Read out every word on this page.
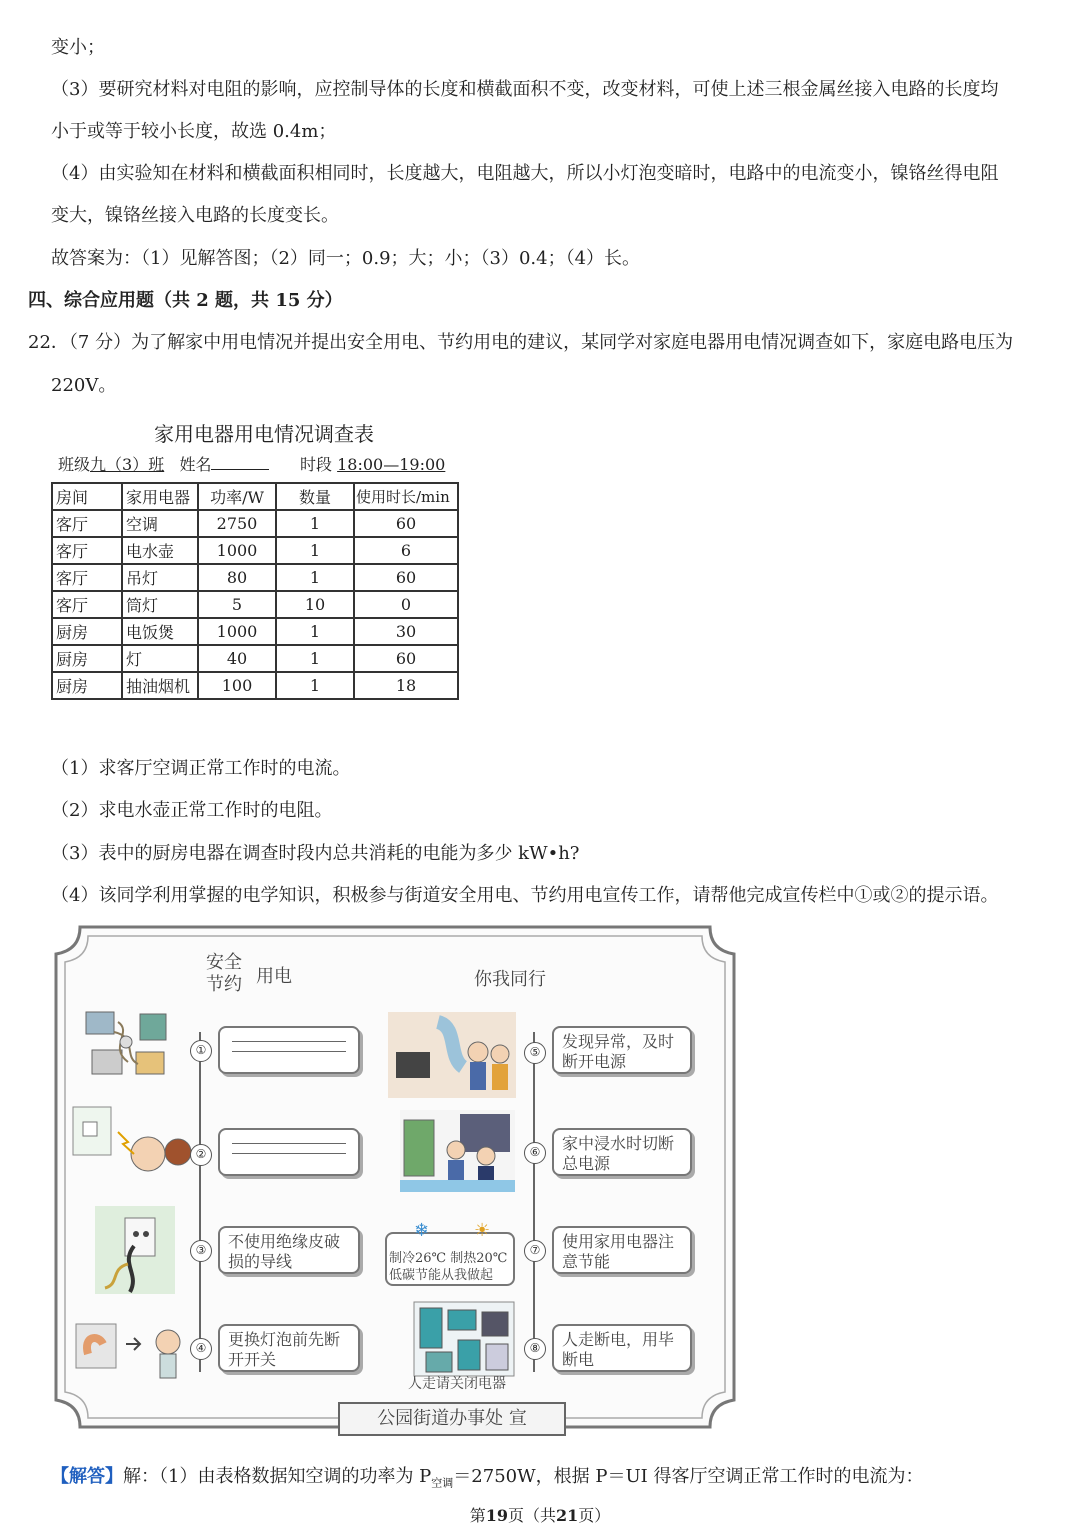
变小；
（3）要研究材料对电阻的影响，应控制导体的长度和横截面积不变，改变材料，可使上述三根金属丝接入电路的长度均
小于或等于较小长度，故选 0.4m；
（4）由实验知在材料和横截面积相同时，长度越大，电阻越大，所以小灯泡变暗时，电路中的电流变小，镍铬丝得电阻
变大，镍铬丝接入电路的长度变长。
故答案为：（1）见解答图；（2）同一；0.9；大；小；（3）0.4；（4）长。
四、综合应用题（共 2 题，共 15 分）
22．（7 分）为了解家中用电情况并提出安全用电、节约用电的建议，某同学对家庭电器用电情况调查如下，家庭电路电压为
220V。
家用电器用电情况调查表
班级九（3）班 姓名	时段 18:00—19:00
房间	家用电器	功率/W	数量	使用时长/min
客厅	空调	2750	1	60
客厅	电水壶	1000	1	6
客厅	吊灯	80	1	60
客厅	筒灯	5	10	0
厨房	电饭煲	1000	1	30
厨房	灯	40	1	60
厨房	抽油烟机	100	1	18
（1）求客厅空调正常工作时的电流。
（2）求电水壶正常工作时的电阻。
（3）表中的厨房电器在调查时段内总共消耗的电能为多少 kW•h?
（4）该同学利用掌握的电学知识，积极参与街道安全用电、节约用电宣传工作，请帮他完成宣传栏中①或②的提示语。
安全
节约 用电	你我同行
①
②
③
④
不使用绝缘皮破损的导线
更换灯泡前先断开开关
制冷26℃ 制热20℃
低碳节能从我做起
❄ ☀
人走请关闭电器
⑤
⑥
⑦
⑧
发现异常，及时断开电源
家中浸水时切断总电源
使用家用电器注意节能
人走断电，用毕断电
公园街道办事处 宣
【解答】解：（1）由表格数据知空调的功率为 $P_{空调}=2750W$，根据 P＝UI 得客厅空调正常工作时的电流为：
第19页（共21页）
